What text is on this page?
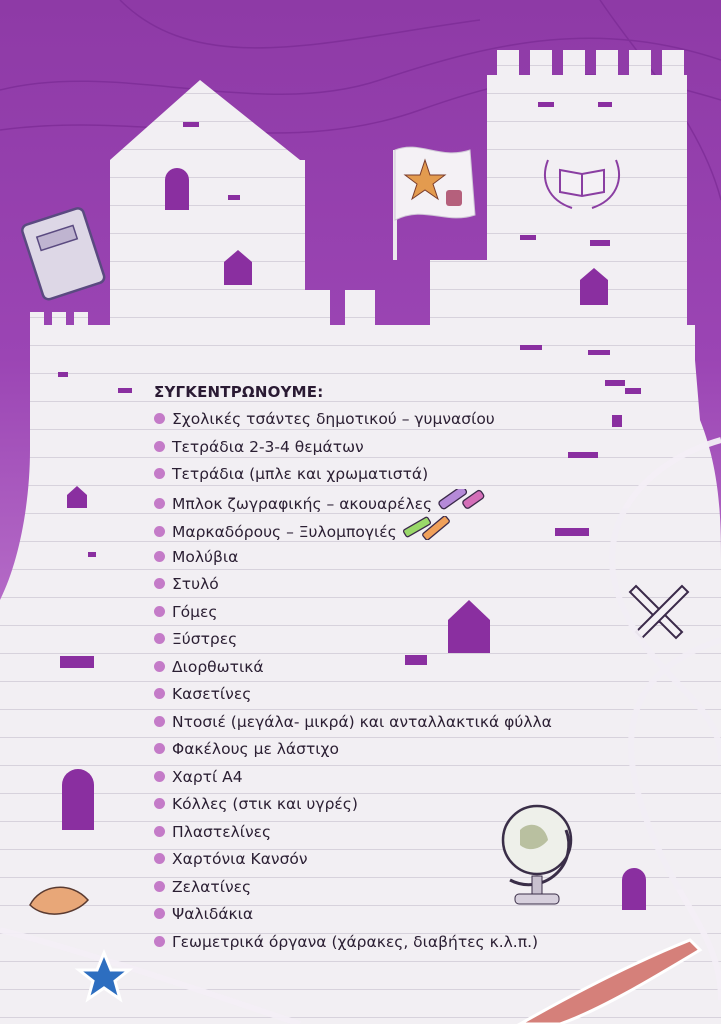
ΣΥΓΚΕΝΤΡΩΝΟΥΜΕ:
Σχολικές τσάντες δημοτικού – γυμνασίου
Τετράδια 2-3-4 θεμάτων
Τετράδια (μπλε και χρωματιστά)
Μπλοκ ζωγραφικής – ακουαρέλες
Μαρκαδόρους – Ξυλομπογιές
Μολύβια
Στυλό
Γόμες
Ξύστρες
Διορθωτικά
Κασετίνες
Ντοσιέ (μεγάλα- μικρά) και ανταλλακτικά φύλλα
Φακέλους με λάστιχο
Χαρτί Α4
Κόλλες (στικ και υγρές)
Πλαστελίνες
Χαρτόνια Κανσόν
Ζελατίνες
Ψαλιδάκια
Γεωμετρικά όργανα (χάρακες, διαβήτες κ.λ.π.)
